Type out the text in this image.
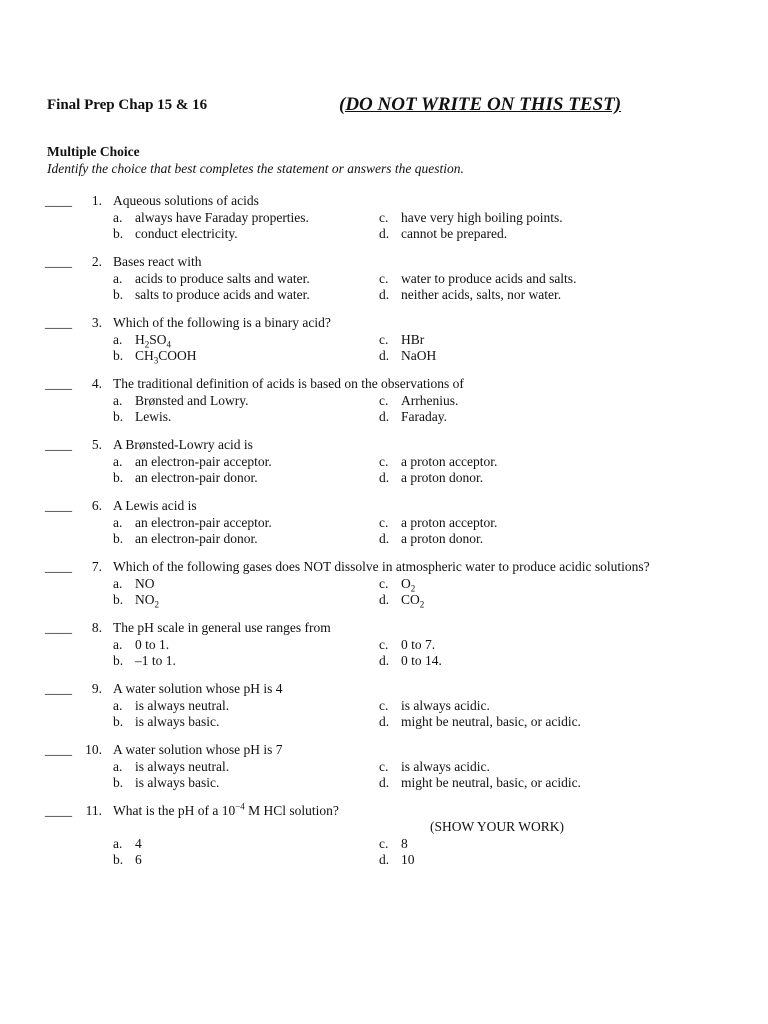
Final Prep Chap 15 & 16	(DO NOT WRITE ON THIS TEST)
Multiple Choice
Identify the choice that best completes the statement or answers the question.
____	1. Aqueous solutions of acids
a. always have Faraday properties.
b. conduct electricity.
c. have very high boiling points.
d. cannot be prepared.
____	2. Bases react with
a. acids to produce salts and water.
b. salts to produce acids and water.
c. water to produce acids and salts.
d. neither acids, salts, nor water.
____	3. Which of the following is a binary acid?
a. $H_2SO_4$
b. $CH_3COOH$
c. HBr
d. NaOH
____	4. The traditional definition of acids is based on the observations of
a. Brønsted and Lowry.
b. Lewis.
c. Arrhenius.
d. Faraday.
____	5. A Brønsted-Lowry acid is
a. an electron-pair acceptor.
b. an electron-pair donor.
c. a proton acceptor.
d. a proton donor.
____	6. A Lewis acid is
a. an electron-pair acceptor.
b. an electron-pair donor.
c. a proton acceptor.
d. a proton donor.
____	7. Which of the following gases does NOT dissolve in atmospheric water to produce acidic solutions?
a. NO
b. $NO_2$
c. $O_2$
d. $CO_2$
____	8. The pH scale in general use ranges from
a. 0 to 1.
b. –1 to 1.
c. 0 to 7.
d. 0 to 14.
____	9. A water solution whose pH is 4
a. is always neutral.
b. is always basic.
c. is always acidic.
d. might be neutral, basic, or acidic.
____ 10. A water solution whose pH is 7
a. is always neutral.
b. is always basic.
c. is always acidic.
d. might be neutral, basic, or acidic.
____	11. What is the pH of a $10^{-4}$ M HCl solution?
(SHOW YOUR WORK)
a. 4
b. 6
c. 8
d. 10
